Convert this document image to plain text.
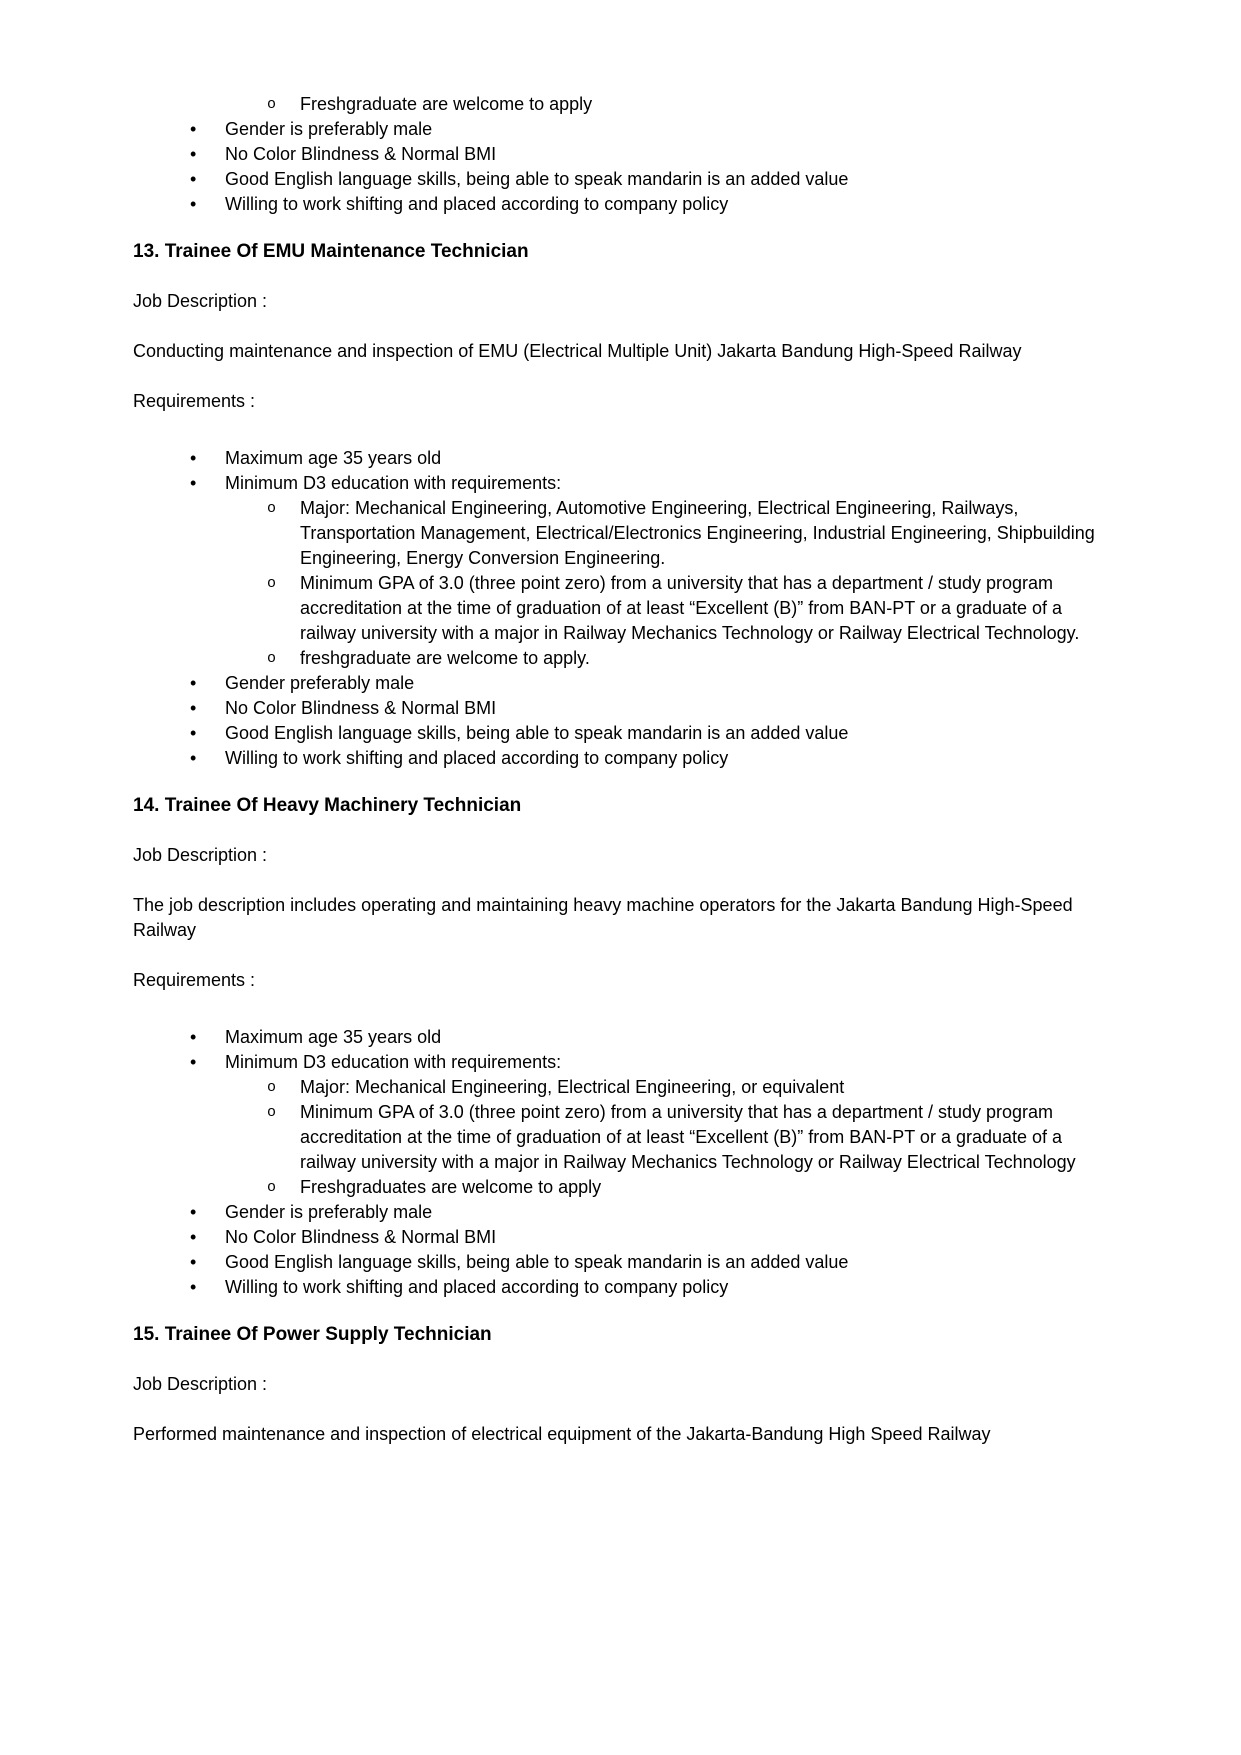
o Freshgraduate are welcome to apply
• Gender is preferably male
• No Color Blindness & Normal BMI
• Good English language skills, being able to speak mandarin is an added value
• Willing to work shifting and placed according to company policy
13. Trainee Of EMU Maintenance Technician

Job Description :

Conducting maintenance and inspection of EMU (Electrical Multiple Unit) Jakarta Bandung High-Speed Railway

Requirements :

• Maximum age 35 years old
• Minimum D3 education with requirements:
o Major: Mechanical Engineering, Automotive Engineering, Electrical Engineering, Railways, Transportation Management, Electrical/Electronics Engineering, Industrial Engineering, Shipbuilding Engineering, Energy Conversion Engineering.
o Minimum GPA of 3.0 (three point zero) from a university that has a department / study program accreditation at the time of graduation of at least “Excellent (B)” from BAN-PT or a graduate of a railway university with a major in Railway Mechanics Technology or Railway Electrical Technology.
o freshgraduate are welcome to apply.
• Gender preferably male
• No Color Blindness & Normal BMI
• Good English language skills, being able to speak mandarin is an added value
• Willing to work shifting and placed according to company policy
14. Trainee Of Heavy Machinery Technician

Job Description :

The job description includes operating and maintaining heavy machine operators for the Jakarta Bandung High-Speed Railway

Requirements :

• Maximum age 35 years old
• Minimum D3 education with requirements:
o Major: Mechanical Engineering, Electrical Engineering, or equivalent
o Minimum GPA of 3.0 (three point zero) from a university that has a department / study program accreditation at the time of graduation of at least “Excellent (B)” from BAN-PT or a graduate of a railway university with a major in Railway Mechanics Technology or Railway Electrical Technology
o Freshgraduates are welcome to apply
• Gender is preferably male
• No Color Blindness & Normal BMI
• Good English language skills, being able to speak mandarin is an added value
• Willing to work shifting and placed according to company policy
15. Trainee Of Power Supply Technician

Job Description :

Performed maintenance and inspection of electrical equipment of the Jakarta-Bandung High Speed Railway
